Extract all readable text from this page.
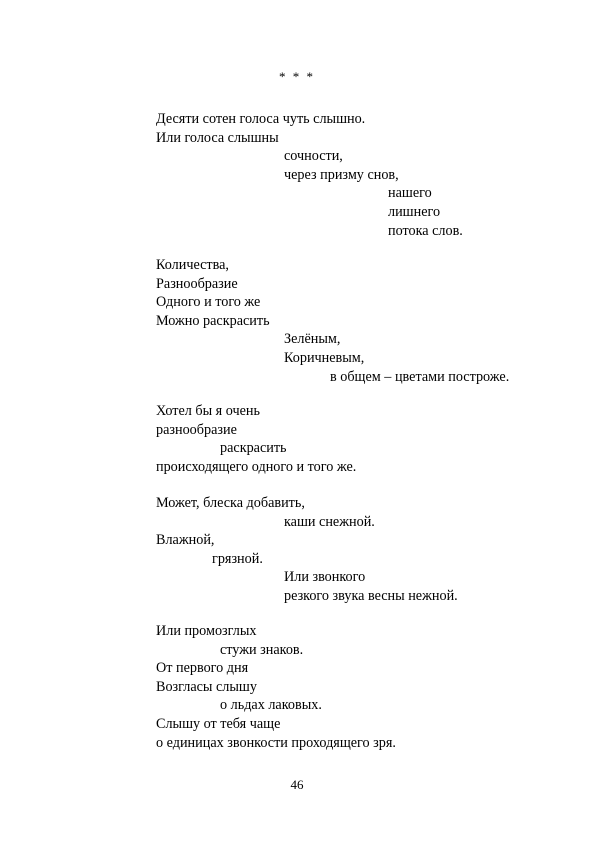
* * *
Десяти сотен голоса чуть слышно.
Или голоса слышны
сочности,
через призму снов,
нашего
лишнего
потока слов.
Количества,
Разнообразие
Одного и того же
Можно раскрасить
Зелёным,
Коричневым,
в общем – цветами построже.
Хотел бы я очень
разнообразие
раскрасить
происходящего одного и того же.
Может, блеска добавить,
каши снежной.
Влажной,
грязной.
Или звонкого
резкого звука весны нежной.
Или промозглых
стужи знаков.
От первого дня
Возгласы слышу
о льдах лаковых.
Слышу от тебя чаще
о единицах звонкости проходящего зря.
46
